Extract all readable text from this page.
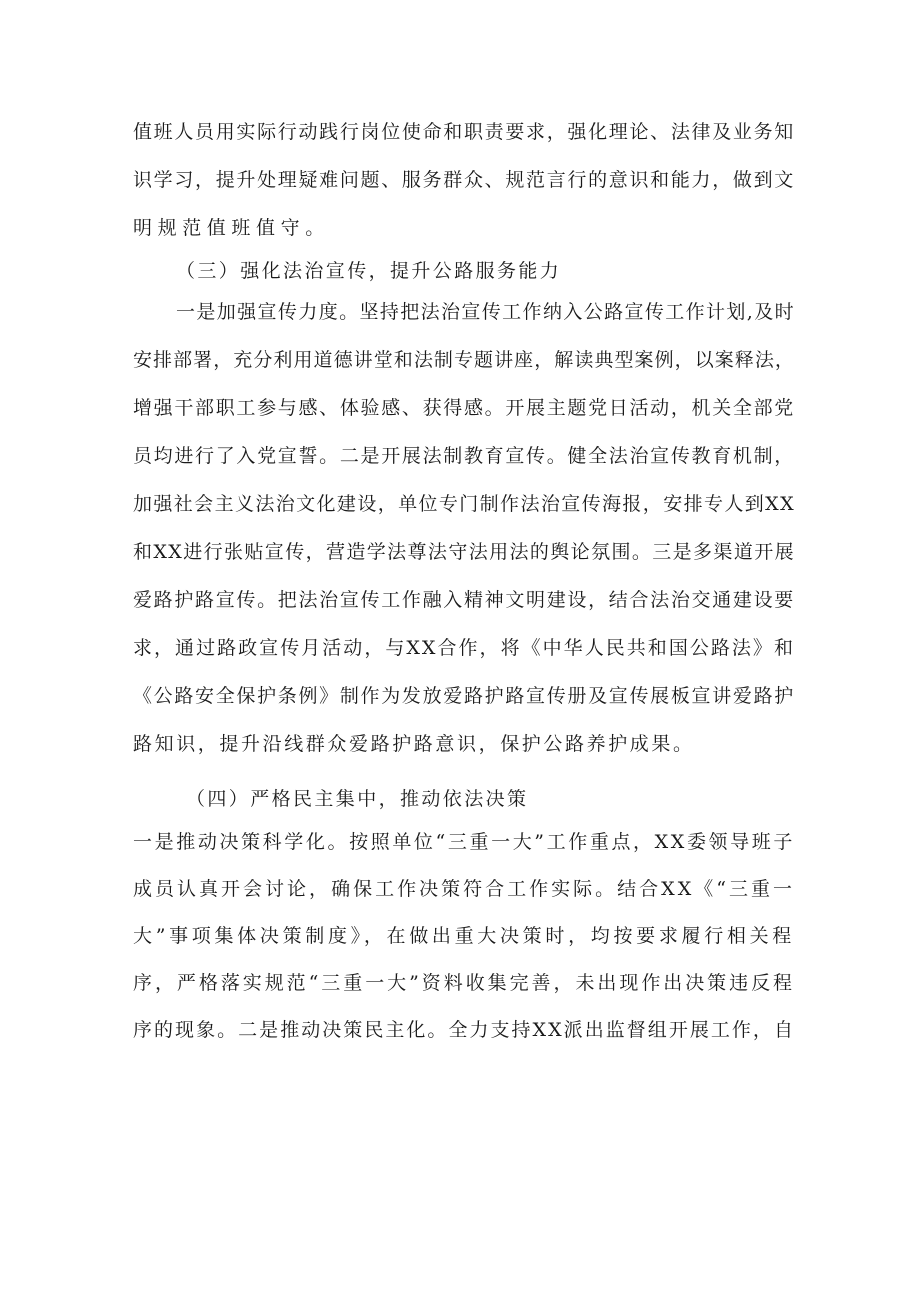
值班人员用实际行动践行岗位使命和职责要求，强化理论、法律及业务知
识学习，提升处理疑难问题、服务群众、规范言行的意识和能力，做到文
明规范值班值守。
（三）强化法治宣传，提升公路服务能力
一是加强宣传力度。坚持把法治宣传工作纳入公路宣传工作计划,及时
安排部署，充分利用道德讲堂和法制专题讲座，解读典型案例，以案释法，
增强干部职工参与感、体验感、获得感。开展主题党日活动，机关全部党
员均进行了入党宣誓。二是开展法制教育宣传。健全法治宣传教育机制，
加强社会主义法治文化建设，单位专门制作法治宣传海报，安排专人到XX
和XX进行张贴宣传，营造学法尊法守法用法的舆论氛围。三是多渠道开展
爱路护路宣传。把法治宣传工作融入精神文明建设，结合法治交通建设要
求，通过路政宣传月活动，与XX合作，将《中华人民共和国公路法》和
《公路安全保护条例》制作为发放爱路护路宣传册及宣传展板宣讲爱路护
路知识，提升沿线群众爱路护路意识，保护公路养护成果。
（四）严格民主集中，推动依法决策
一是推动决策科学化。按照单位“三重一大”工作重点，XX委领导班子
成员认真开会讨论，确保工作决策符合工作实际。结合XX《“三重一
大”事项集体决策制度》，在做出重大决策时，均按要求履行相关程
序，严格落实规范“三重一大”资料收集完善，未出现作出决策违反程
序的现象。二是推动决策民主化。全力支持XX派出监督组开展工作，自
